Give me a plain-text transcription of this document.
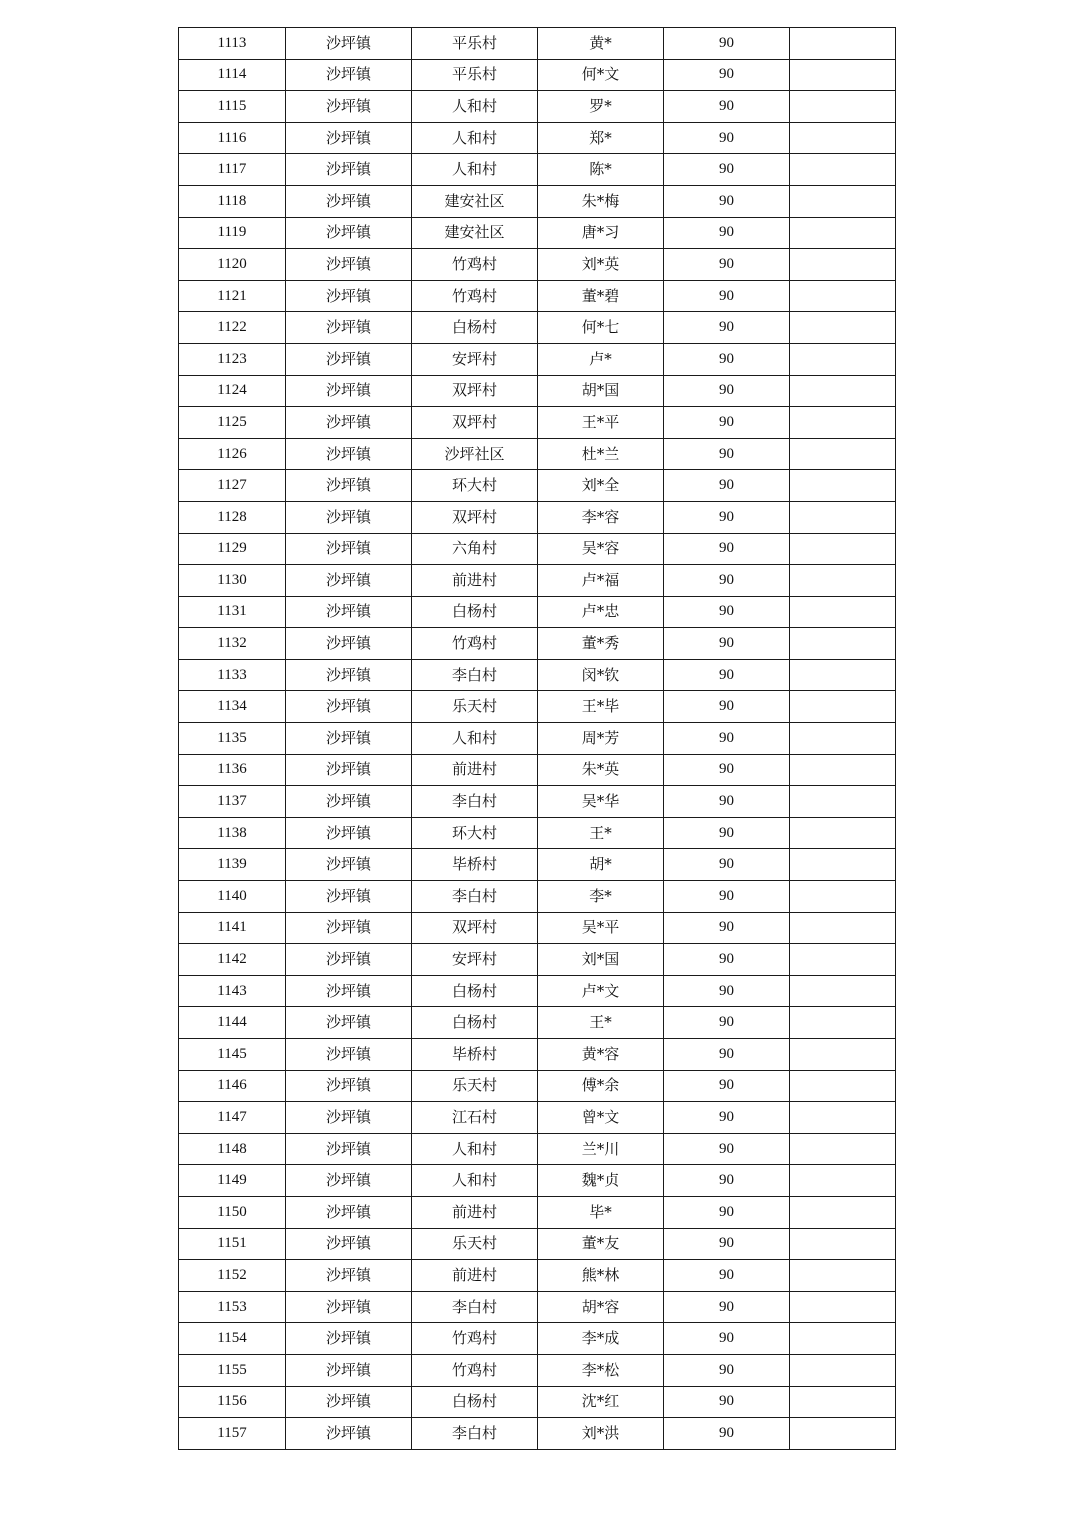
1113	沙坪镇	平乐村	黄*	90	
1114	沙坪镇	平乐村	何*文	90	
1115	沙坪镇	人和村	罗*	90	
1116	沙坪镇	人和村	郑*	90	
1117	沙坪镇	人和村	陈*	90	
1118	沙坪镇	建安社区	朱*梅	90	
1119	沙坪镇	建安社区	唐*习	90	
1120	沙坪镇	竹鸡村	刘*英	90	
1121	沙坪镇	竹鸡村	董*碧	90	
1122	沙坪镇	白杨村	何*七	90	
1123	沙坪镇	安坪村	卢*	90	
1124	沙坪镇	双坪村	胡*国	90	
1125	沙坪镇	双坪村	王*平	90	
1126	沙坪镇	沙坪社区	杜*兰	90	
1127	沙坪镇	环大村	刘*全	90	
1128	沙坪镇	双坪村	李*容	90	
1129	沙坪镇	六角村	吴*容	90	
1130	沙坪镇	前进村	卢*福	90	
1131	沙坪镇	白杨村	卢*忠	90	
1132	沙坪镇	竹鸡村	董*秀	90	
1133	沙坪镇	李白村	闵*钦	90	
1134	沙坪镇	乐天村	王*毕	90	
1135	沙坪镇	人和村	周*芳	90	
1136	沙坪镇	前进村	朱*英	90	
1137	沙坪镇	李白村	吴*华	90	
1138	沙坪镇	环大村	王*	90	
1139	沙坪镇	毕桥村	胡*	90	
1140	沙坪镇	李白村	李*	90	
1141	沙坪镇	双坪村	吴*平	90	
1142	沙坪镇	安坪村	刘*国	90	
1143	沙坪镇	白杨村	卢*文	90	
1144	沙坪镇	白杨村	王*	90	
1145	沙坪镇	毕桥村	黄*容	90	
1146	沙坪镇	乐天村	傅*余	90	
1147	沙坪镇	江石村	曾*文	90	
1148	沙坪镇	人和村	兰*川	90	
1149	沙坪镇	人和村	魏*贞	90	
1150	沙坪镇	前进村	毕*	90	
1151	沙坪镇	乐天村	董*友	90	
1152	沙坪镇	前进村	熊*林	90	
1153	沙坪镇	李白村	胡*容	90	
1154	沙坪镇	竹鸡村	李*成	90	
1155	沙坪镇	竹鸡村	李*松	90	
1156	沙坪镇	白杨村	沈*红	90	
1157	沙坪镇	李白村	刘*洪	90	
